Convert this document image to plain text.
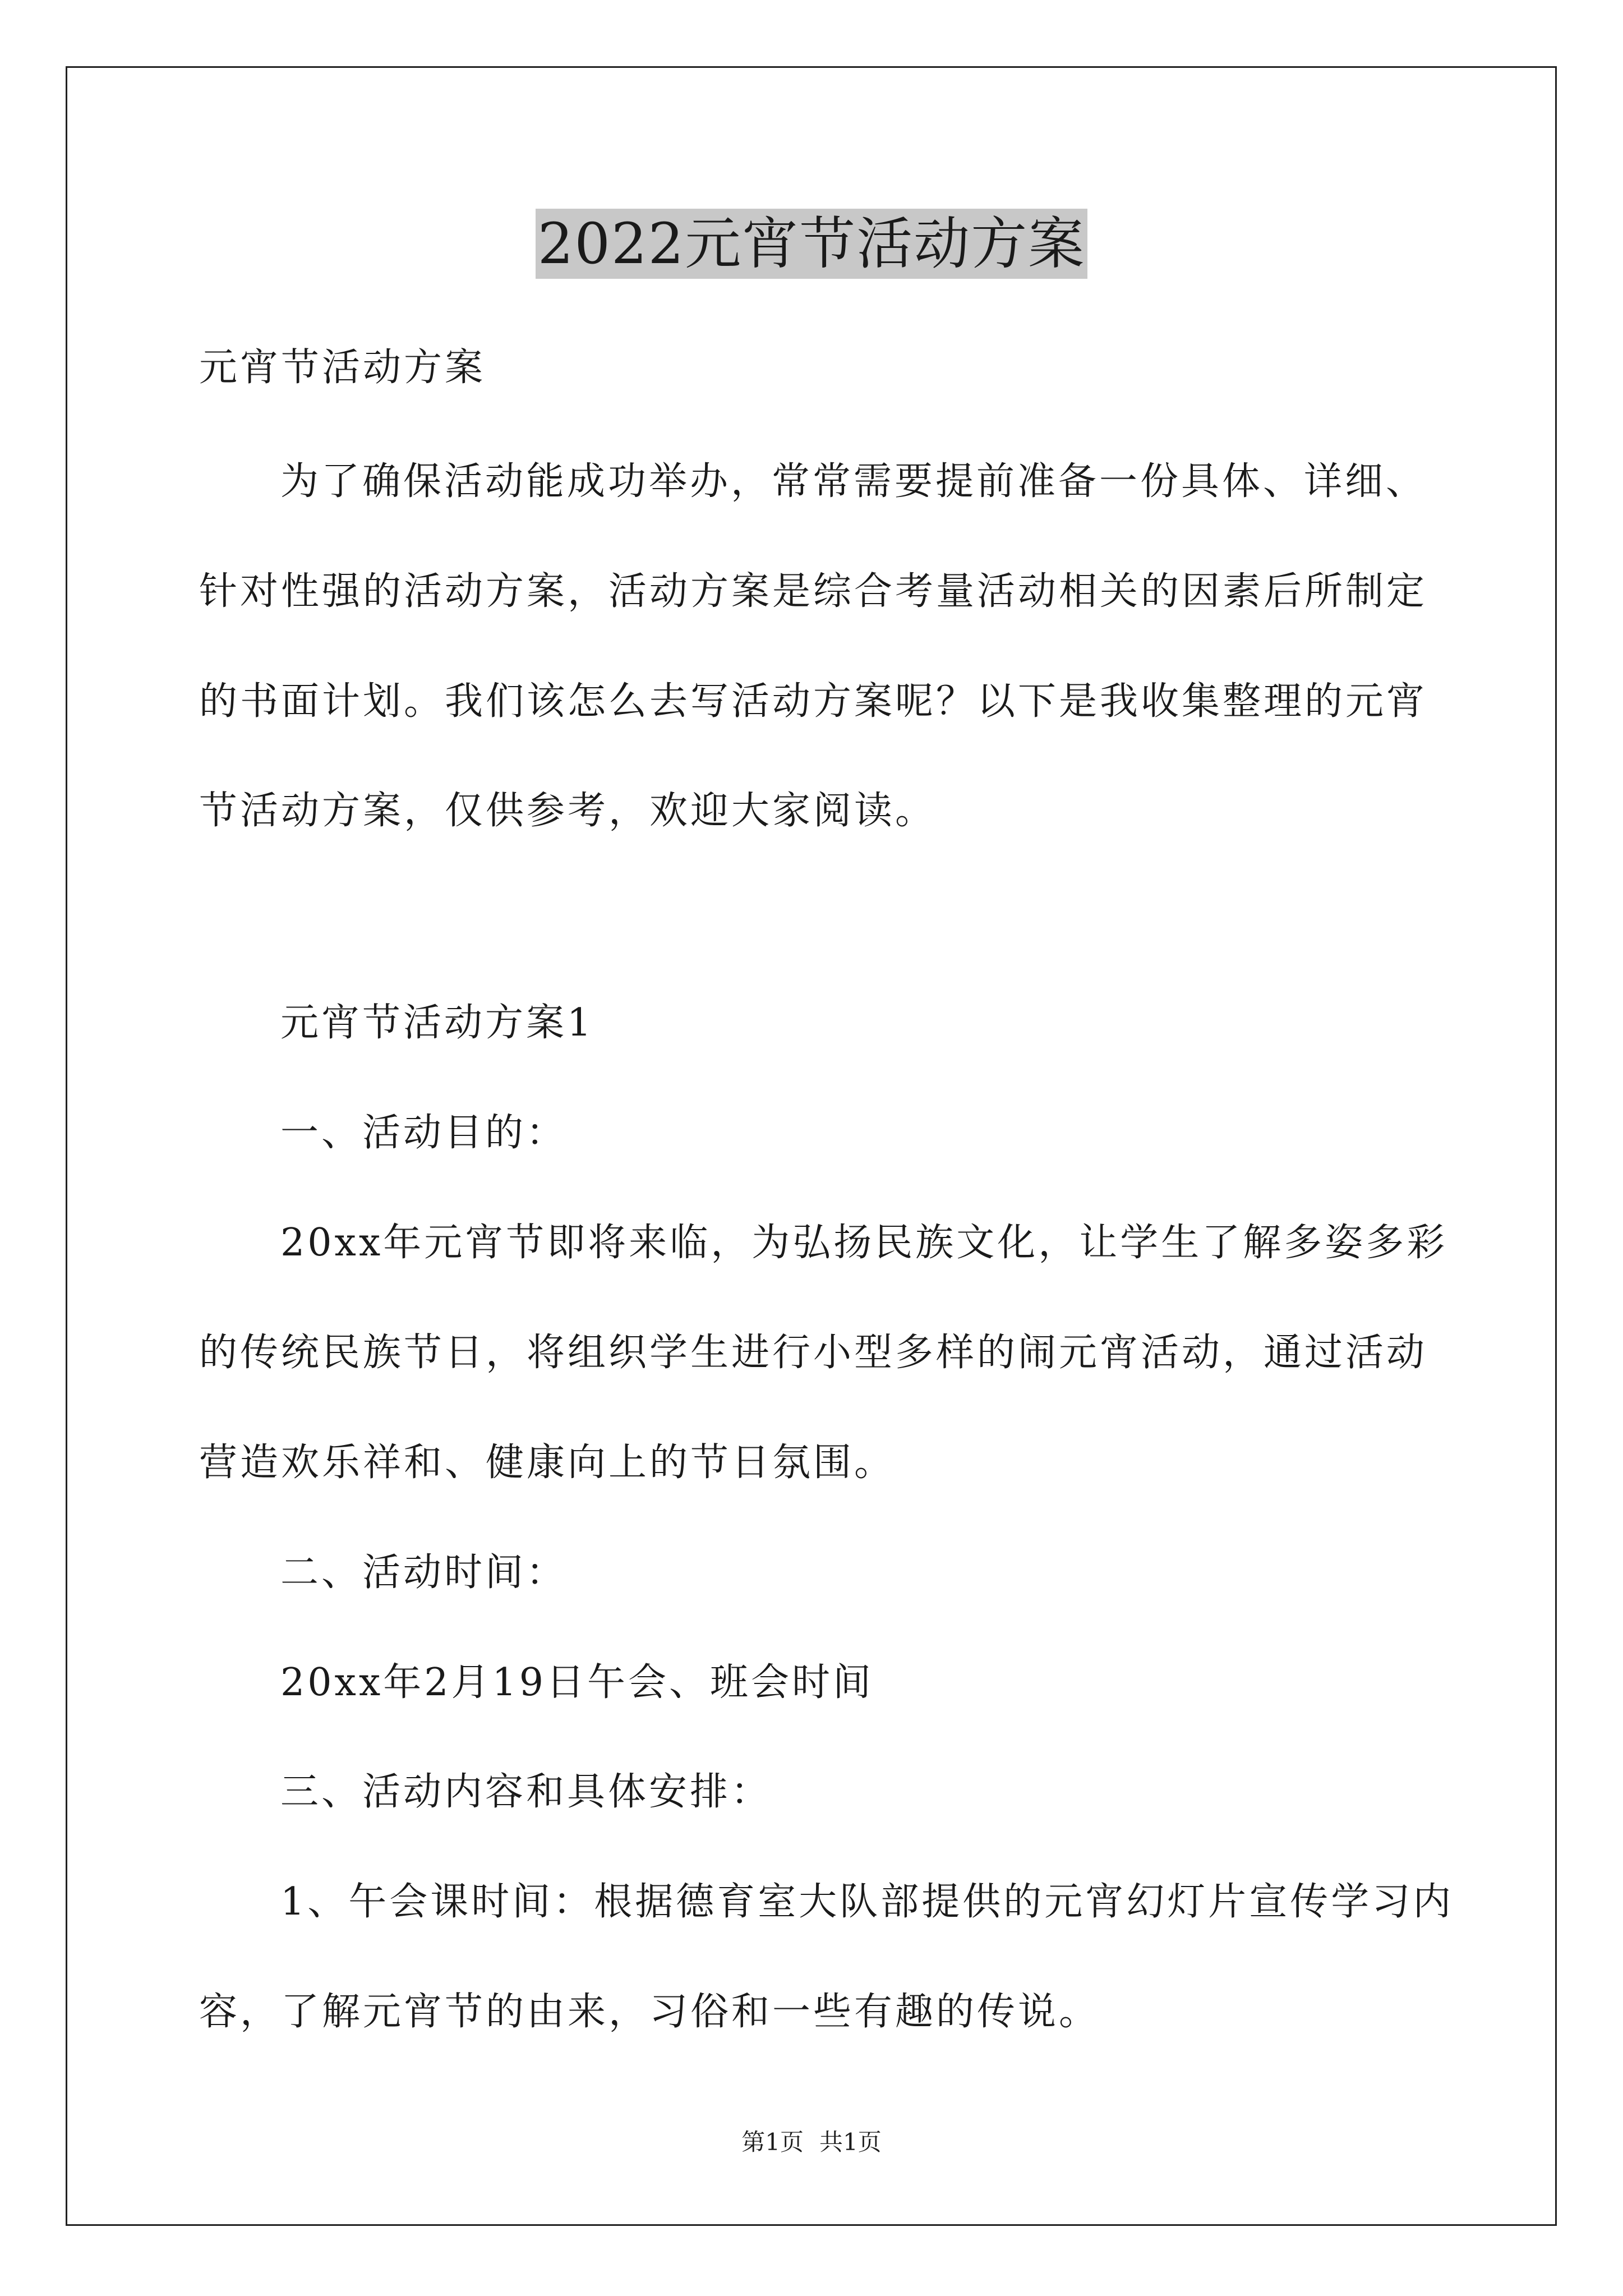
2022元宵节活动方案
元宵节活动方案
为了确保活动能成功举办，常常需要提前准备一份具体、详细、
针对性强的活动方案，活动方案是综合考量活动相关的因素后所制定
的书面计划。我们该怎么去写活动方案呢？以下是我收集整理的元宵
节活动方案，仅供参考，欢迎大家阅读。
元宵节活动方案1
一、活动目的：
20xx年元宵节即将来临，为弘扬民族文化，让学生了解多姿多彩
的传统民族节日，将组织学生进行小型多样的闹元宵活动，通过活动
营造欢乐祥和、健康向上的节日氛围。
二、活动时间：
20xx年2月19日午会、班会时间
三、活动内容和具体安排：
1、午会课时间：根据德育室大队部提供的元宵幻灯片宣传学习内
容，了解元宵节的由来，习俗和一些有趣的传说。
第1页 共1页
